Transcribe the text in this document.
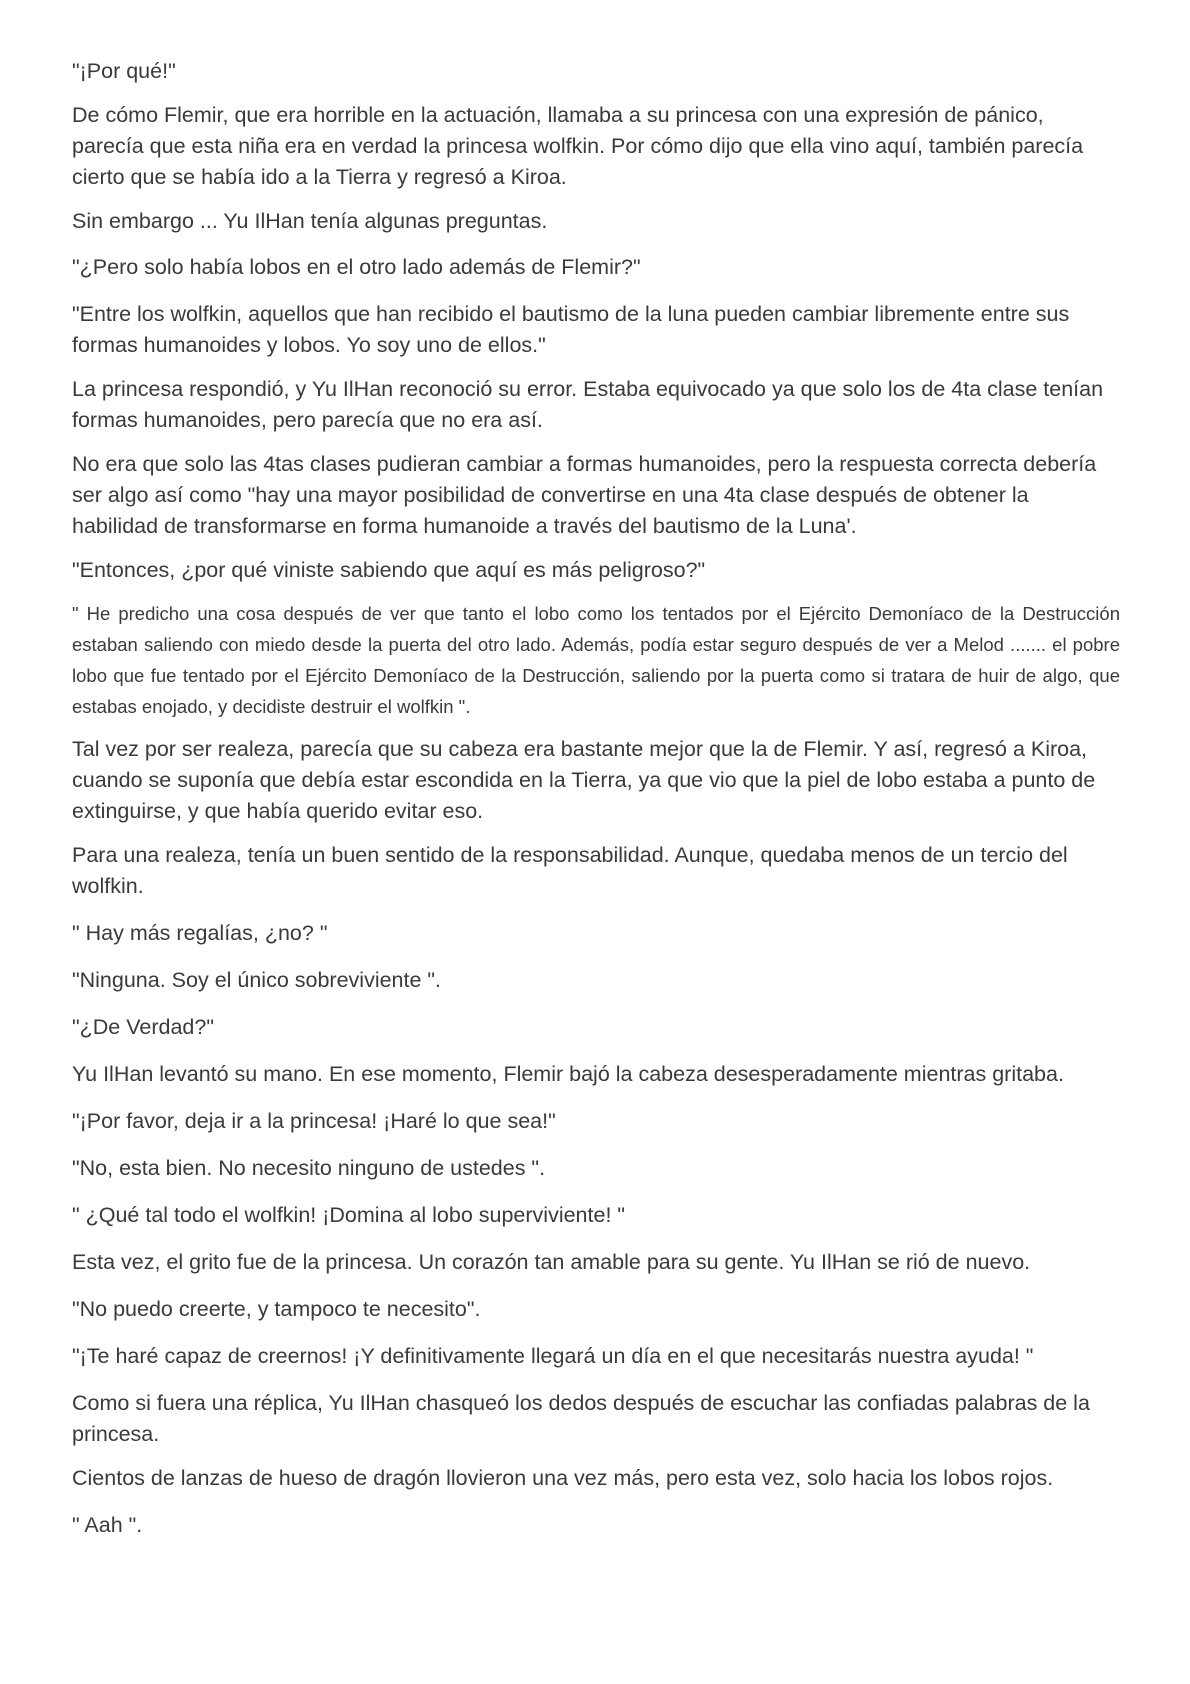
"¡Por qué!"

De cómo Flemir, que era horrible en la actuación, llamaba a su princesa con una expresión de pánico, parecía que esta niña era en verdad la princesa wolfkin. Por cómo dijo que ella vino aquí, también parecía cierto que se había ido a la Tierra y regresó a Kiroa.

Sin embargo ... Yu IlHan tenía algunas preguntas.

"¿Pero solo había lobos en el otro lado además de Flemir?"

"Entre los wolfkin, aquellos que han recibido el bautismo de la luna pueden cambiar libremente entre sus formas humanoides y lobos. Yo soy uno de ellos."

La princesa respondió, y Yu IlHan reconoció su error. Estaba equivocado ya que solo los de 4ta clase tenían formas humanoides, pero parecía que no era así.

No era que solo las 4tas clases pudieran cambiar a formas humanoides, pero la respuesta correcta debería ser algo así como "hay una mayor posibilidad de convertirse en una 4ta clase después de obtener la habilidad de transformarse en forma humanoide a través del bautismo de la Luna'.

"Entonces, ¿por qué viniste sabiendo que aquí es más peligroso?"

" He predicho una cosa después de ver que tanto el lobo como los tentados por el Ejército Demoníaco de la Destrucción estaban saliendo con miedo desde la puerta del otro lado. Además, podía estar seguro después de ver a Melod ....... el pobre lobo que fue tentado por el Ejército Demoníaco de la Destrucción, saliendo por la puerta como si tratara de huir de algo, que estabas enojado, y decidiste destruir el wolfkin ".

Tal vez por ser realeza, parecía que su cabeza era bastante mejor que la de Flemir. Y así, regresó a Kiroa, cuando se suponía que debía estar escondida en la Tierra, ya que vio que la piel de lobo estaba a punto de extinguirse, y que había querido evitar eso.

Para una realeza, tenía un buen sentido de la responsabilidad. Aunque, quedaba menos de un tercio del wolfkin.

" Hay más regalías, ¿no? "

"Ninguna. Soy el único sobreviviente ".

"¿De Verdad?"

Yu IlHan levantó su mano. En ese momento, Flemir bajó la cabeza desesperadamente mientras gritaba.

"¡Por favor, deja ir a la princesa! ¡Haré lo que sea!"

"No, esta bien. No necesito ninguno de ustedes ".

" ¿Qué tal todo el wolfkin! ¡Domina al lobo superviviente! "

Esta vez, el grito fue de la princesa. Un corazón tan amable para su gente. Yu IlHan se rió de nuevo.

"No puedo creerte, y tampoco te necesito".

"¡Te haré capaz de creernos! ¡Y definitivamente llegará un día en el que necesitarás nuestra ayuda! "

Como si fuera una réplica, Yu IlHan chasqueó los dedos después de escuchar las confiadas palabras de la princesa.

Cientos de lanzas de hueso de dragón llovieron una vez más, pero esta vez, solo hacia los lobos rojos.

" Aah ".
